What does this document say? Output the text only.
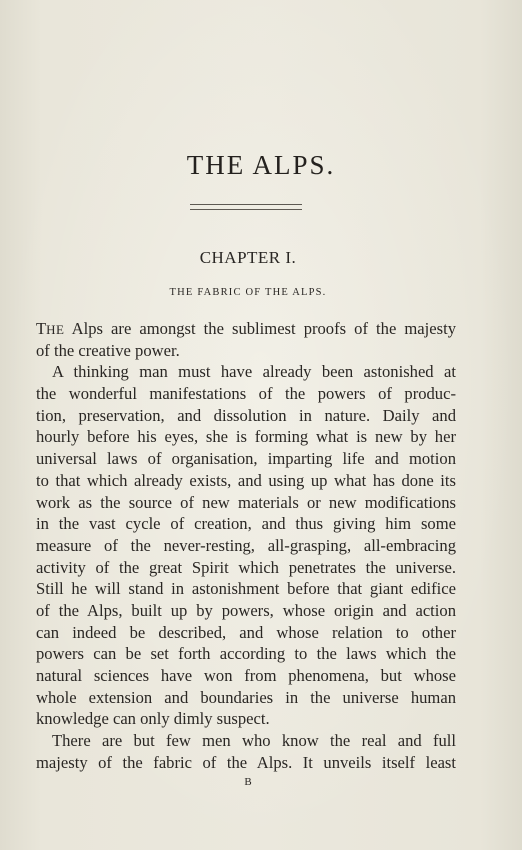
THE ALPS.
CHAPTER I.
THE FABRIC OF THE ALPS.
THE Alps are amongst the sublimest proofs of the majesty
of the creative power.
A thinking man must have already been astonished at
the wonderful manifestations of the powers of produc-
tion, preservation, and dissolution in nature. Daily and
hourly before his eyes, she is forming what is new by her
universal laws of organisation, imparting life and motion
to that which already exists, and using up what has done its
work as the source of new materials or new modifications
in the vast cycle of creation, and thus giving him some
measure of the never-resting, all-grasping, all-embracing
activity of the great Spirit which penetrates the universe.
Still he will stand in astonishment before that giant edifice
of the Alps, built up by powers, whose origin and action
can indeed be described, and whose relation to other
powers can be set forth according to the laws which the
natural sciences have won from phenomena, but whose
whole extension and boundaries in the universe human
knowledge can only dimly suspect.
There are but few men who know the real and full
majesty of the fabric of the Alps. It unveils itself least
B
